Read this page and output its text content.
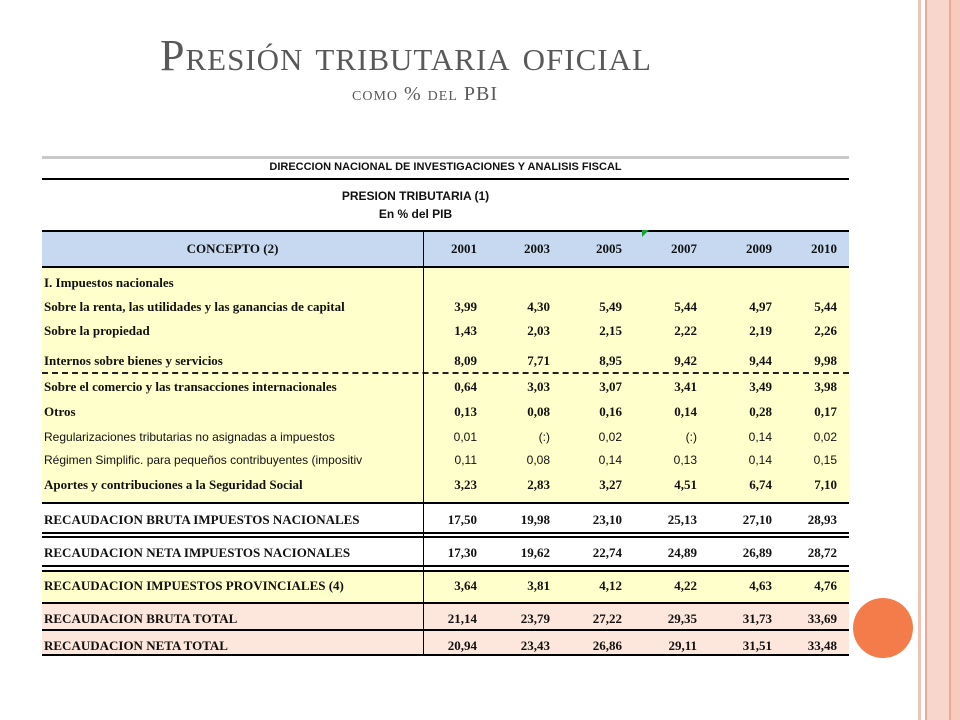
Presión tributaria oficial
como % del PBI
DIRECCION NACIONAL DE INVESTIGACIONES Y ANALISIS FISCAL
PRESION TRIBUTARIA (1)
En % del PIB
CONCEPTO (2)	2001	2003	2005	2007	2009	2010
I. Impuestos nacionales
Sobre la renta, las utilidades y las ganancias de capital	3,99	4,30	5,49	5,44	4,97	5,44
Sobre la propiedad	1,43	2,03	2,15	2,22	2,19	2,26
Internos sobre bienes y servicios	8,09	7,71	8,95	9,42	9,44	9,98
Sobre el comercio y las transacciones internacionales	0,64	3,03	3,07	3,41	3,49	3,98
Otros	0,13	0,08	0,16	0,14	0,28	0,17
Regularizaciones tributarias no asignadas a impuestos	0,01	(:)	0,02	(:)	0,14	0,02
Régimen Simplific. para pequeños contribuyentes (impositiv	0,11	0,08	0,14	0,13	0,14	0,15
Aportes y contribuciones a la Seguridad Social	3,23	2,83	3,27	4,51	6,74	7,10
RECAUDACION BRUTA IMPUESTOS NACIONALES	17,50	19,98	23,10	25,13	27,10	28,93
RECAUDACION NETA IMPUESTOS NACIONALES	17,30	19,62	22,74	24,89	26,89	28,72
RECAUDACION IMPUESTOS PROVINCIALES (4)	3,64	3,81	4,12	4,22	4,63	4,76
RECAUDACION BRUTA TOTAL	21,14	23,79	27,22	29,35	31,73	33,69
RECAUDACION NETA TOTAL	20,94	23,43	26,86	29,11	31,51	33,48
